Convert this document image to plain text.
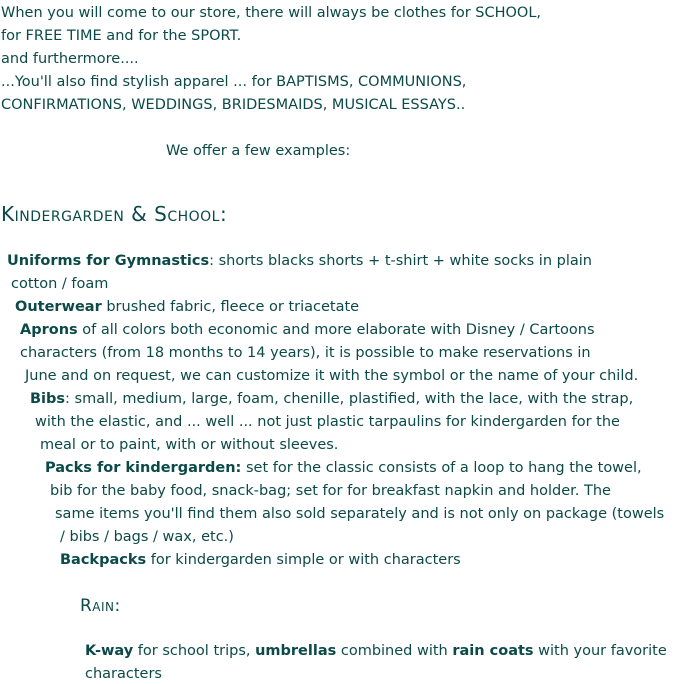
When you will come to our store, there will always be clothes for SCHOOL,
for FREE TIME and for the SPORT.
and furthermore....
...You'll also find stylish apparel ... for BAPTISMS, COMMUNIONS,
CONFIRMATIONS, WEDDINGS, BRIDESMAIDS, MUSICAL ESSAYS..
We offer a few examples:
Kindergarden & School:
Uniforms for Gymnastics: shorts blacks shorts + t-shirt + white socks in plain
cotton / foam
Outerwear brushed fabric, fleece or triacetate
Aprons of all colors both economic and more elaborate with Disney / Cartoons
characters (from 18 months to 14 years), it is possible to make reservations in
June and on request, we can customize it with the symbol or the name of your child.
Bibs: small, medium, large, foam, chenille, plastified, with the lace, with the strap,
with the elastic, and ... well ... not just plastic tarpaulins for kindergarden for the
meal or to paint, with or without sleeves.
Packs for kindergarden: set for the classic consists of a loop to hang the towel,
bib for the baby food, snack-bag; set for for breakfast napkin and holder. The
same items you'll find them also sold separately and is not only on package (towels
/ bibs / bags / wax, etc.)
Backpacks for kindergarden simple or with characters
Rain:
K-way for school trips, umbrellas combined with rain coats with your favorite
characters
